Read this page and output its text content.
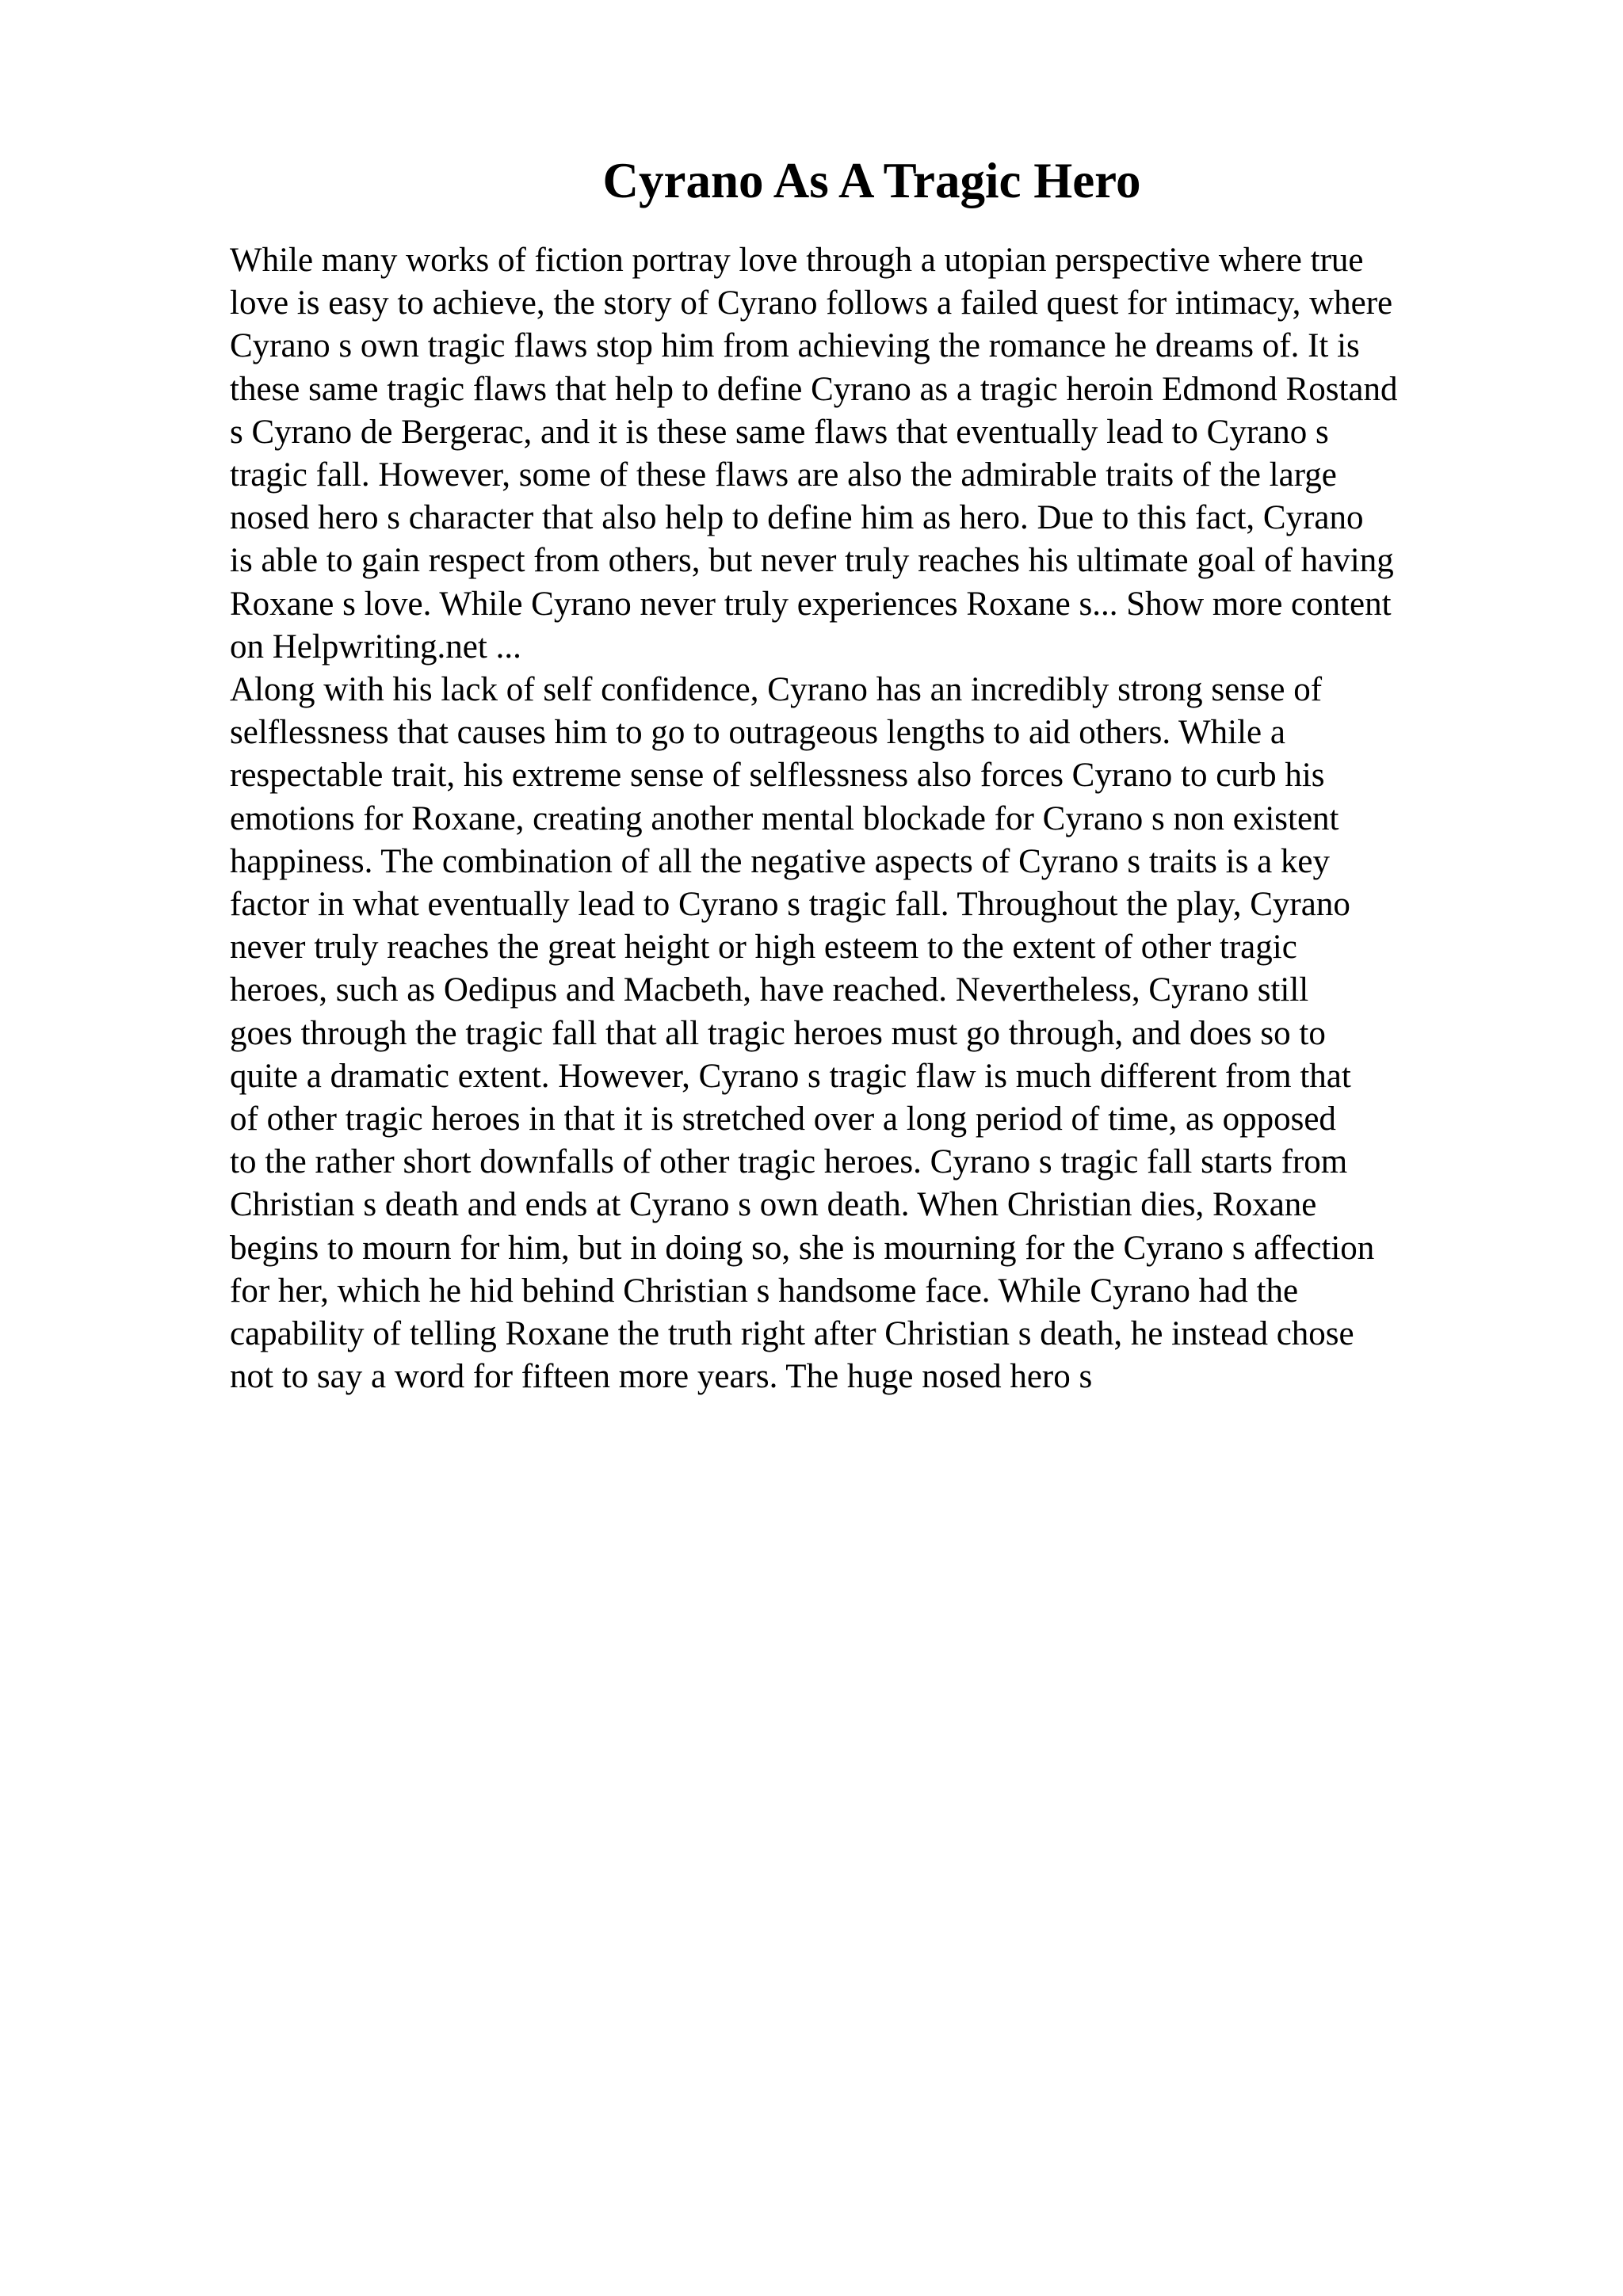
Cyrano As A Tragic Hero
While many works of fiction portray love through a utopian perspective where true
love is easy to achieve, the story of Cyrano follows a failed quest for intimacy, where
Cyrano s own tragic flaws stop him from achieving the romance he dreams of. It is
these same tragic flaws that help to define Cyrano as a tragic heroin Edmond Rostand
s Cyrano de Bergerac, and it is these same flaws that eventually lead to Cyrano s
tragic fall. However, some of these flaws are also the admirable traits of the large
nosed hero s character that also help to define him as hero. Due to this fact, Cyrano
is able to gain respect from others, but never truly reaches his ultimate goal of having
Roxane s love. While Cyrano never truly experiences Roxane s... Show more content
on Helpwriting.net ...
Along with his lack of self confidence, Cyrano has an incredibly strong sense of
selflessness that causes him to go to outrageous lengths to aid others. While a
respectable trait, his extreme sense of selflessness also forces Cyrano to curb his
emotions for Roxane, creating another mental blockade for Cyrano s non existent
happiness. The combination of all the negative aspects of Cyrano s traits is a key
factor in what eventually lead to Cyrano s tragic fall. Throughout the play, Cyrano
never truly reaches the great height or high esteem to the extent of other tragic
heroes, such as Oedipus and Macbeth, have reached. Nevertheless, Cyrano still
goes through the tragic fall that all tragic heroes must go through, and does so to
quite a dramatic extent. However, Cyrano s tragic flaw is much different from that
of other tragic heroes in that it is stretched over a long period of time, as opposed
to the rather short downfalls of other tragic heroes. Cyrano s tragic fall starts from
Christian s death and ends at Cyrano s own death. When Christian dies, Roxane
begins to mourn for him, but in doing so, she is mourning for the Cyrano s affection
for her, which he hid behind Christian s handsome face. While Cyrano had the
capability of telling Roxane the truth right after Christian s death, he instead chose
not to say a word for fifteen more years. The huge nosed hero s
